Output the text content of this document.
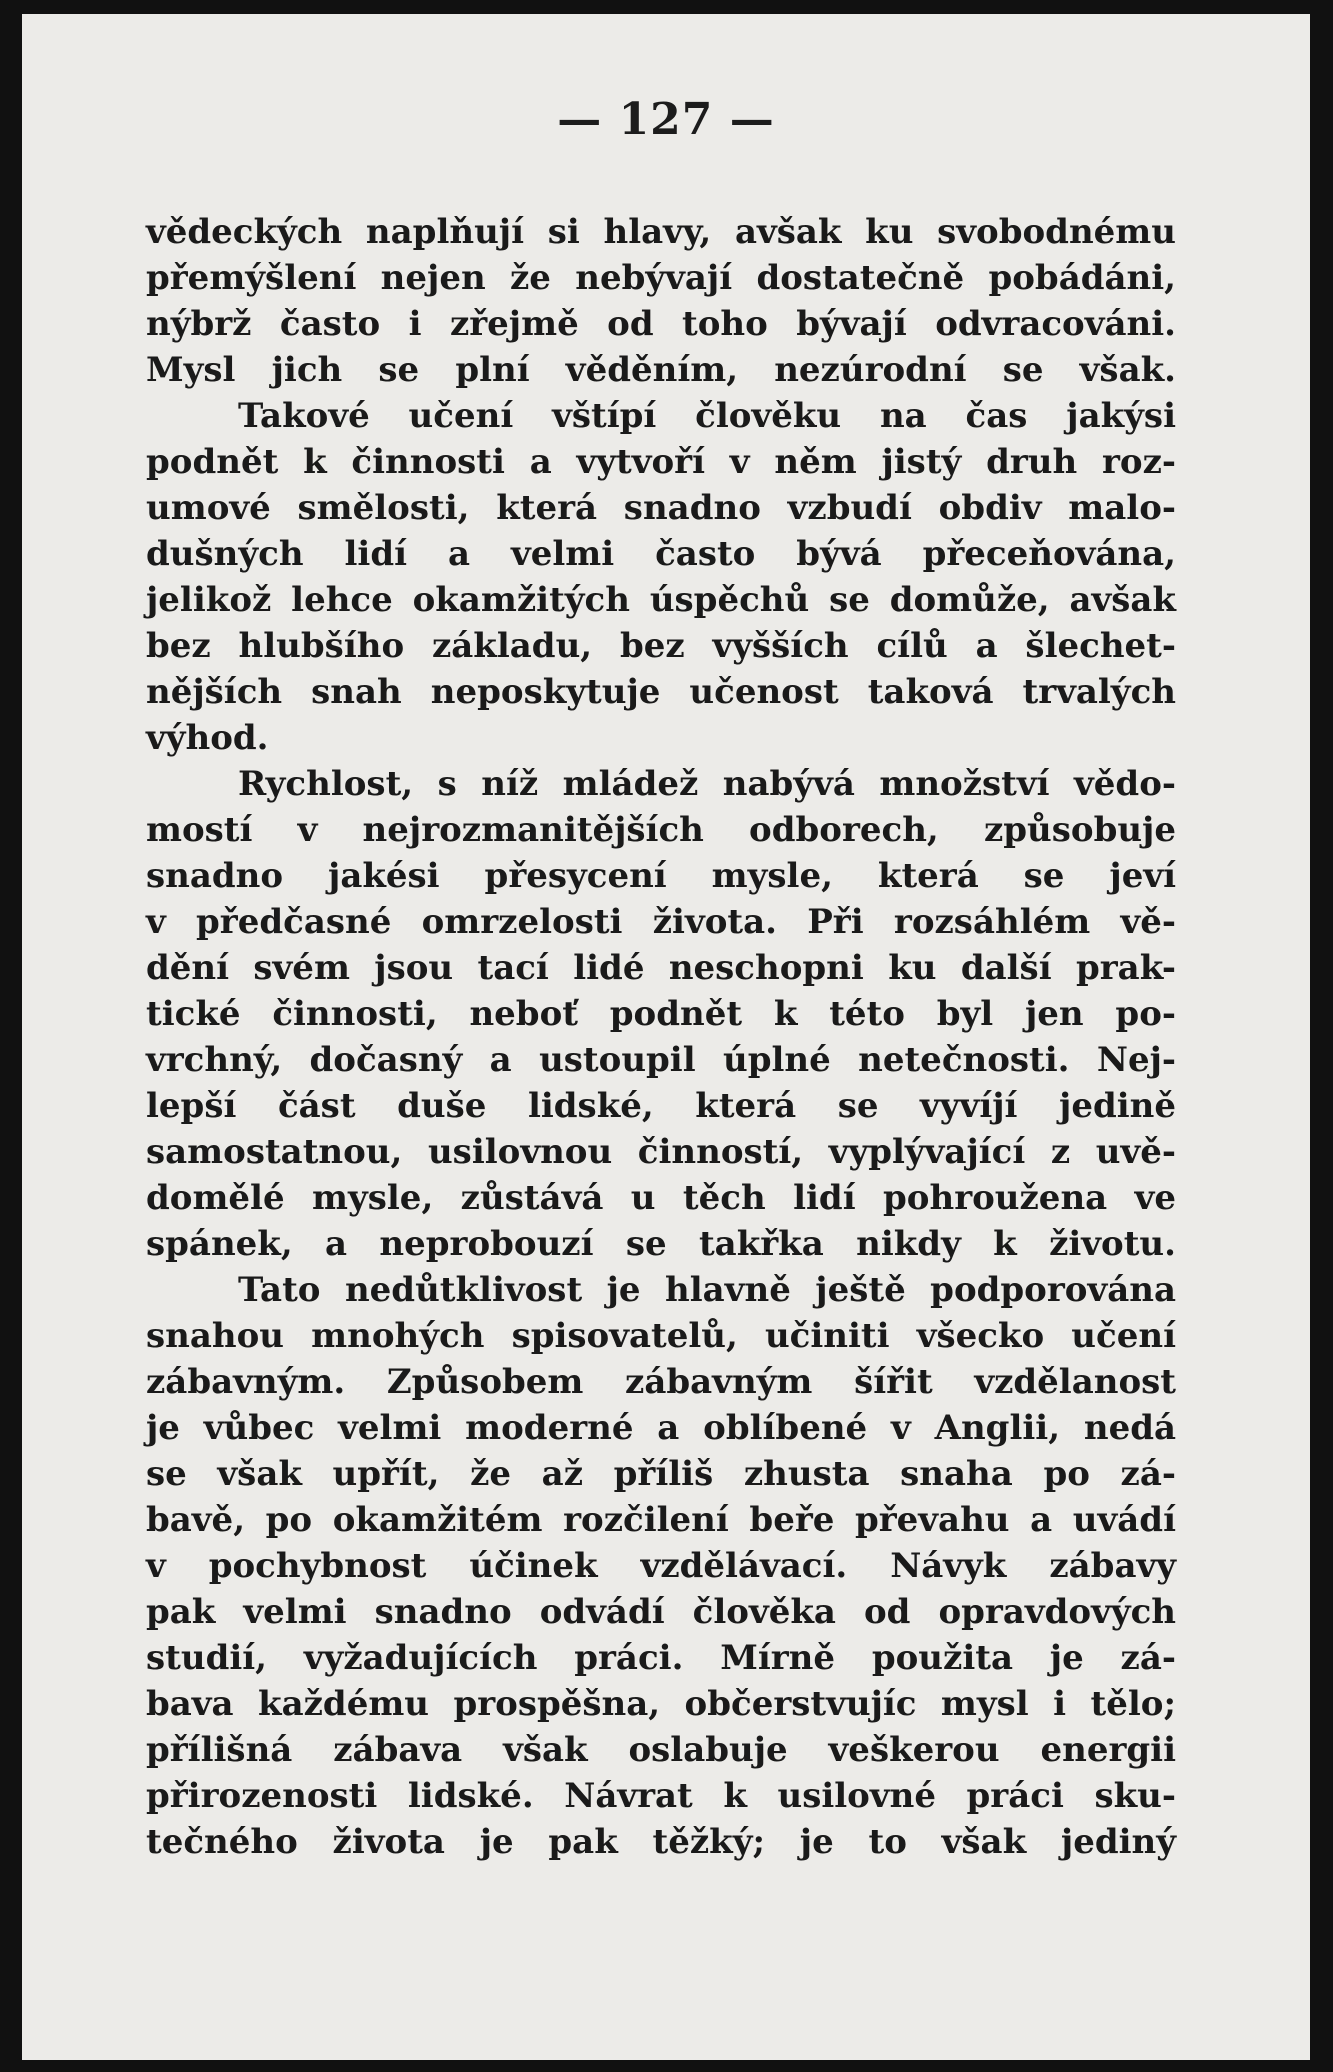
— 127 —
vědeckých naplňují si hlavy, avšak ku svobodnému
přemýšlení nejen že nebývají dostatečně pobádáni,
nýbrž často i zřejmě od toho bývají odvracováni.
Mysl jich se plní věděním, nezúrodní se však.
Takové učení vštípí člověku na čas jakýsi
podnět k činnosti a vytvoří v něm jistý druh roz-
umové smělosti, která snadno vzbudí obdiv malo-
dušných lidí a velmi často bývá přeceňována,
jelikož lehce okamžitých úspěchů se domůže, avšak
bez hlubšího základu, bez vyšších cílů a šlechet-
nějších snah neposkytuje učenost taková trvalých
výhod.
Rychlost, s níž mládež nabývá množství vědo-
mostí v nejrozmanitějších odborech, způsobuje
snadno jakési přesycení mysle, která se jeví
v předčasné omrzelosti života. Při rozsáhlém vě-
dění svém jsou tací lidé neschopni ku další prak-
tické činnosti, neboť podnět k této byl jen po-
vrchný, dočasný a ustoupil úplné netečnosti. Nej-
lepší část duše lidské, která se vyvíjí jedině
samostatnou, usilovnou činností, vyplývající z uvě-
domělé mysle, zůstává u těch lidí pohroužena ve
spánek, a neprobouzí se takřka nikdy k životu.
Tato nedůtklivost je hlavně ještě podporována
snahou mnohých spisovatelů, učiniti všecko učení
zábavným. Způsobem zábavným šířit vzdělanost
je vůbec velmi moderné a oblíbené v Anglii, nedá
se však upřít, že až příliš zhusta snaha po zá-
bavě, po okamžitém rozčilení beře převahu a uvádí
v pochybnost účinek vzdělávací. Návyk zábavy
pak velmi snadno odvádí člověka od opravdových
studií, vyžadujících práci. Mírně použita je zá-
bava každému prospěšna, občerstvujíc mysl i tělo;
přílišná zábava však oslabuje veškerou energii
přirozenosti lidské. Návrat k usilovné práci sku-
tečného života je pak těžký; je to však jediný
